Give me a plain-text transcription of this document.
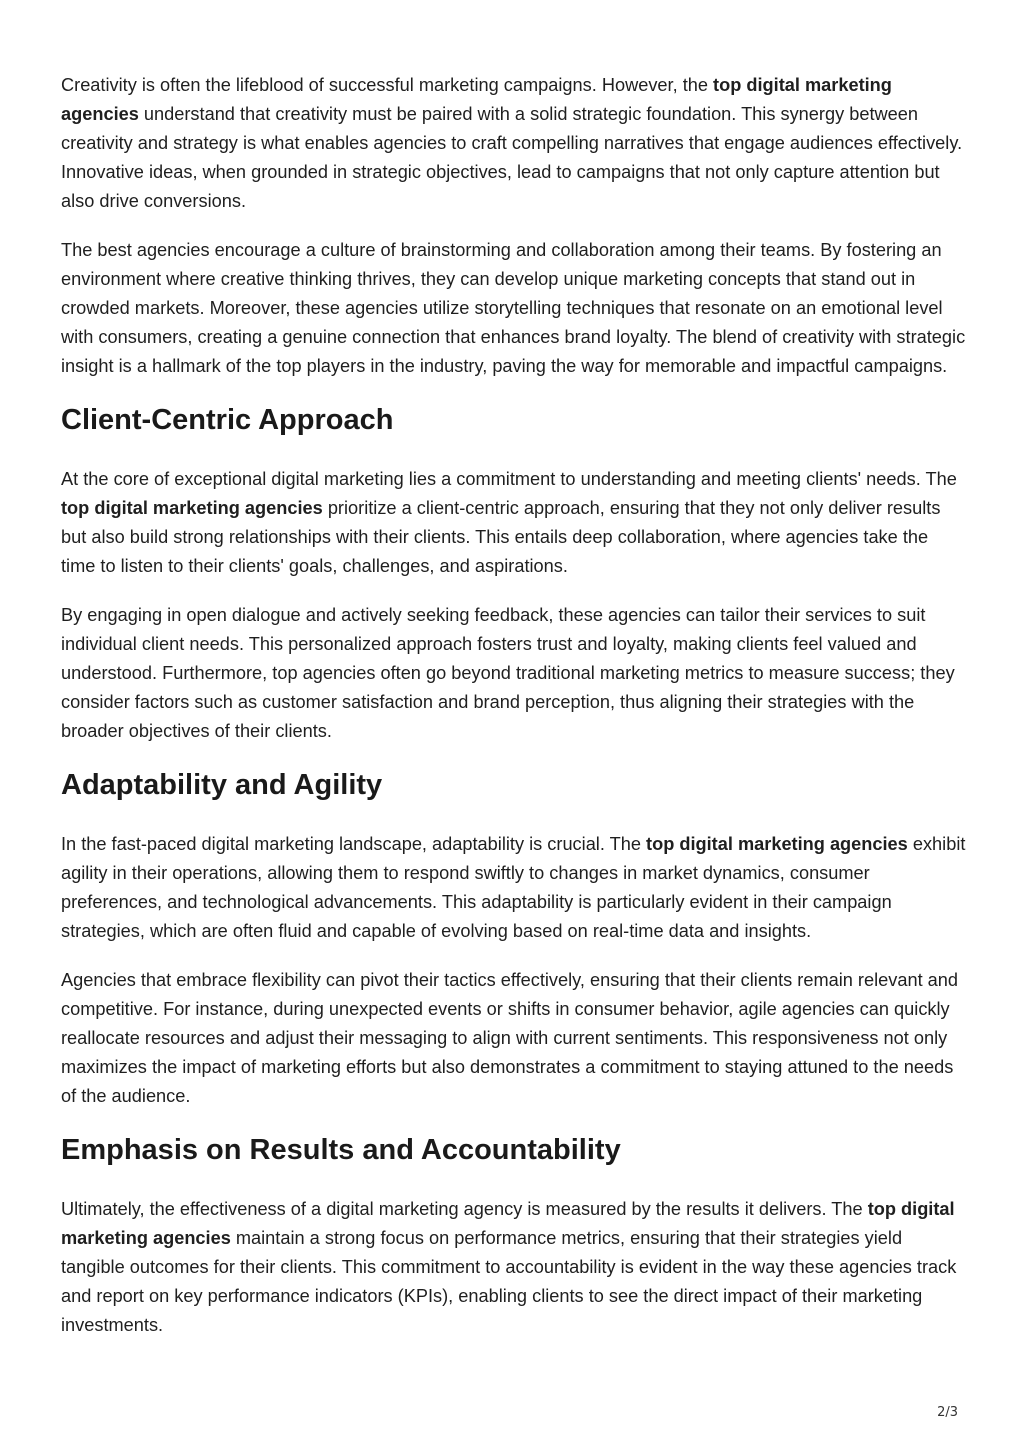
Creativity is often the lifeblood of successful marketing campaigns. However, the top digital marketing agencies understand that creativity must be paired with a solid strategic foundation. This synergy between creativity and strategy is what enables agencies to craft compelling narratives that engage audiences effectively. Innovative ideas, when grounded in strategic objectives, lead to campaigns that not only capture attention but also drive conversions.

The best agencies encourage a culture of brainstorming and collaboration among their teams. By fostering an environment where creative thinking thrives, they can develop unique marketing concepts that stand out in crowded markets. Moreover, these agencies utilize storytelling techniques that resonate on an emotional level with consumers, creating a genuine connection that enhances brand loyalty. The blend of creativity with strategic insight is a hallmark of the top players in the industry, paving the way for memorable and impactful campaigns.

Client-Centric Approach

At the core of exceptional digital marketing lies a commitment to understanding and meeting clients' needs. The top digital marketing agencies prioritize a client-centric approach, ensuring that they not only deliver results but also build strong relationships with their clients. This entails deep collaboration, where agencies take the time to listen to their clients' goals, challenges, and aspirations.

By engaging in open dialogue and actively seeking feedback, these agencies can tailor their services to suit individual client needs. This personalized approach fosters trust and loyalty, making clients feel valued and understood. Furthermore, top agencies often go beyond traditional marketing metrics to measure success; they consider factors such as customer satisfaction and brand perception, thus aligning their strategies with the broader objectives of their clients.

Adaptability and Agility

In the fast-paced digital marketing landscape, adaptability is crucial. The top digital marketing agencies exhibit agility in their operations, allowing them to respond swiftly to changes in market dynamics, consumer preferences, and technological advancements. This adaptability is particularly evident in their campaign strategies, which are often fluid and capable of evolving based on real-time data and insights.

Agencies that embrace flexibility can pivot their tactics effectively, ensuring that their clients remain relevant and competitive. For instance, during unexpected events or shifts in consumer behavior, agile agencies can quickly reallocate resources and adjust their messaging to align with current sentiments. This responsiveness not only maximizes the impact of marketing efforts but also demonstrates a commitment to staying attuned to the needs of the audience.

Emphasis on Results and Accountability

Ultimately, the effectiveness of a digital marketing agency is measured by the results it delivers. The top digital marketing agencies maintain a strong focus on performance metrics, ensuring that their strategies yield tangible outcomes for their clients. This commitment to accountability is evident in the way these agencies track and report on key performance indicators (KPIs), enabling clients to see the direct impact of their marketing investments.

2/3
